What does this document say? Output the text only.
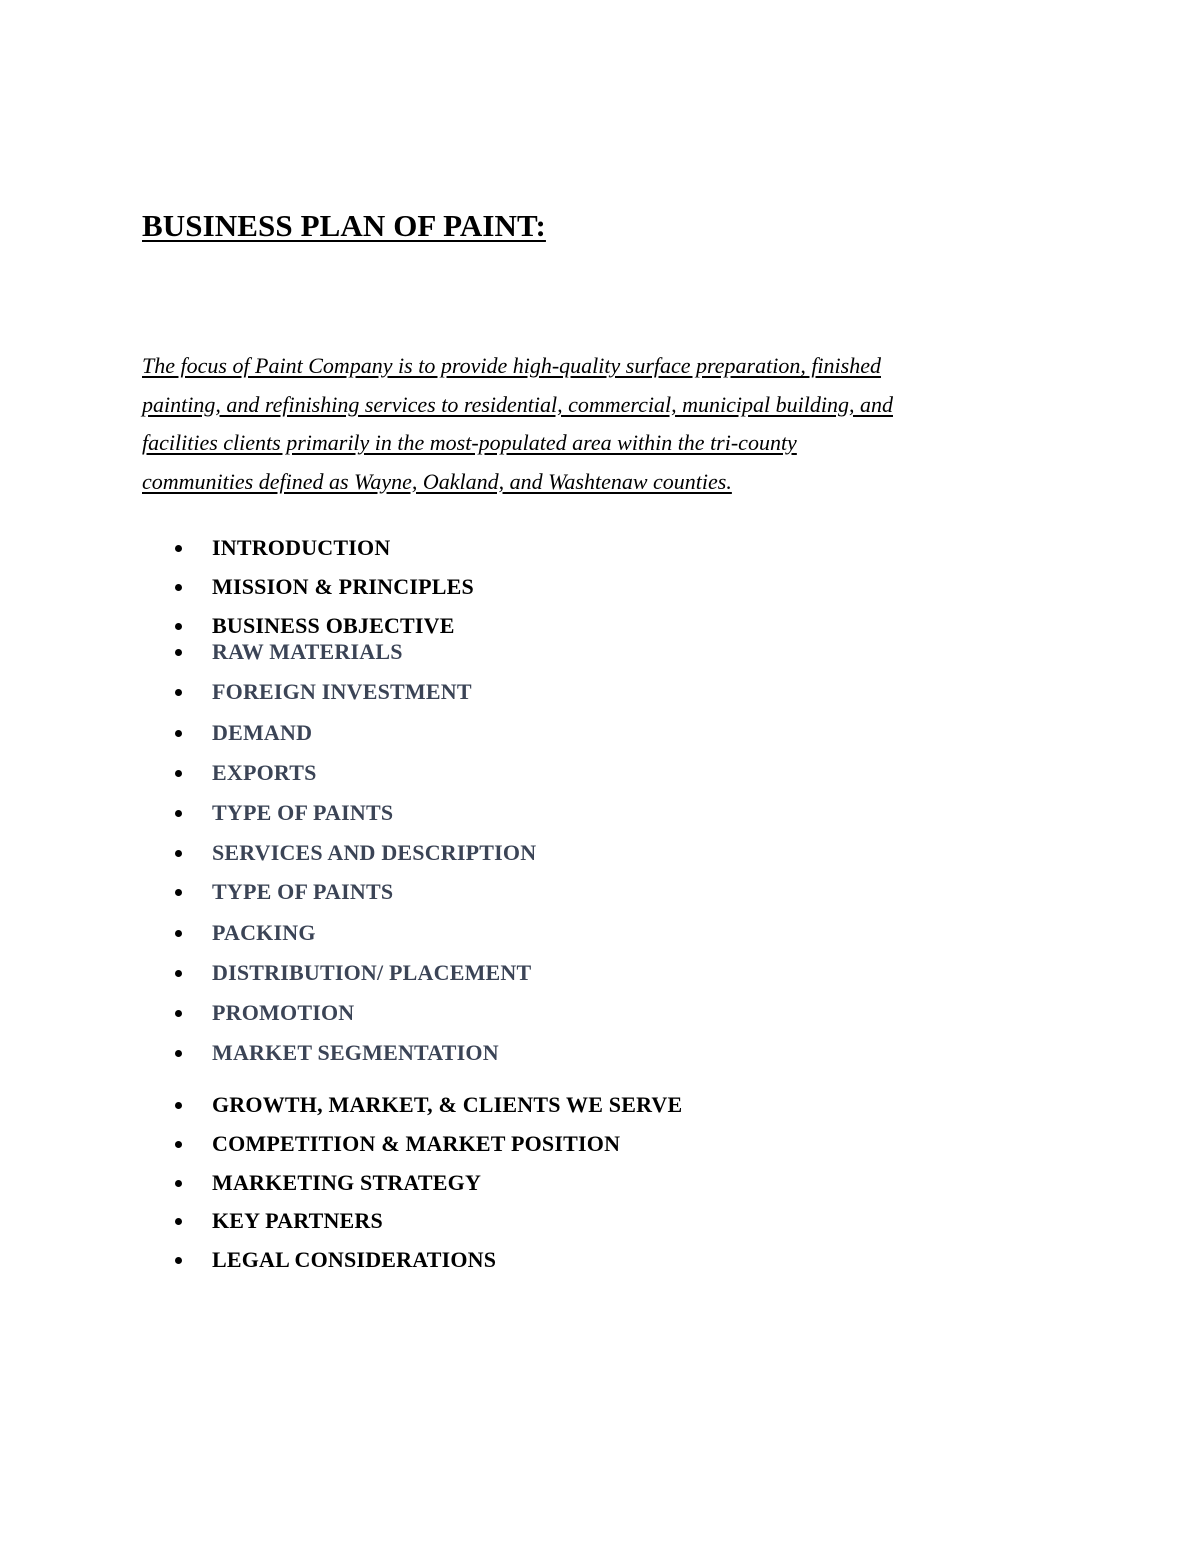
BUSINESS PLAN OF PAINT:

The focus of Paint Company is to provide high-quality surface preparation, finished
painting, and refinishing services to residential, commercial, municipal building, and
facilities clients primarily in the most-populated area within the tri-county
communities defined as Wayne, Oakland, and Washtenaw counties.

INTRODUCTION
MISSION & PRINCIPLES
BUSINESS OBJECTIVE
RAW MATERIALS
FOREIGN INVESTMENT
DEMAND
EXPORTS
TYPE OF PAINTS
SERVICES AND DESCRIPTION
TYPE OF PAINTS
PACKING
DISTRIBUTION/ PLACEMENT
PROMOTION
MARKET SEGMENTATION
GROWTH, MARKET, & CLIENTS WE SERVE
COMPETITION & MARKET POSITION
MARKETING STRATEGY
KEY PARTNERS
LEGAL CONSIDERATIONS
